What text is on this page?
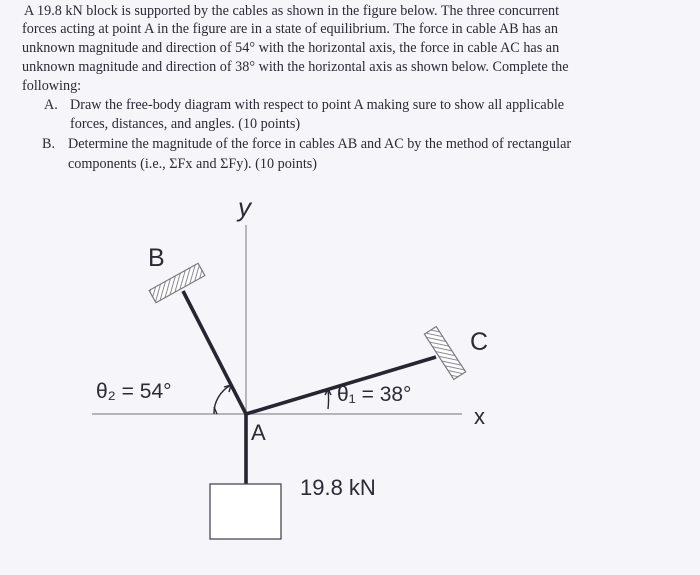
A 19.8 kN block is supported by the cables as shown in the figure below. The three concurrent

forces acting at point A in the figure are in a state of equilibrium. The force in cable AB has an

unknown magnitude and direction of 54° with the horizontal axis, the force in cable AC has an

unknown magnitude and direction of 38° with the horizontal axis as shown below. Complete the

following:

A. Draw the free-body diagram with respect to point A making sure to show all applicable

forces, distances, and angles. (10 points)

B. Determine the magnitude of the force in cables AB and AC by the method of rectangular

components (i.e., ΣFx and ΣFy). (10 points)

y
x
B
C
19.8 kN
A
θ₂ = 54°	θ₁ = 38°
